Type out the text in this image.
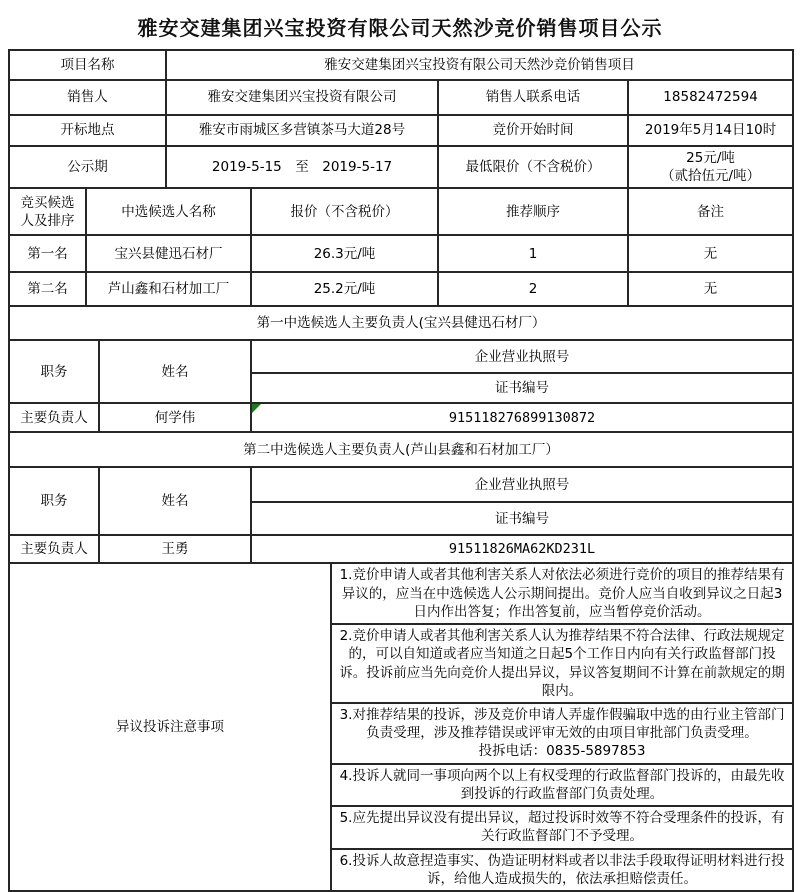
雅安交建集团兴宝投资有限公司天然沙竞价销售项目公示
项目名称			雅安交建集团兴宝投资有限公司天然沙竞价销售项目				
销售人			雅安交建集团兴宝投资有限公司			销售人联系电话	18582472594
开标地点			雅安市雨城区多营镇茶马大道28号			竞价开始时间	2019年5月14日10时
公示期			2019-5-15　至　2019-5-17			最低限价（不含税价）	25元/吨
（贰拾伍元/吨）

竞买候选人及排序	中选候选人名称			报价（不含税价）		推荐顺序	备注
第一名	宝兴县健迅石材厂			26.3元/吨		1	无
第二名	芦山鑫和石材加工厂			25.2元/吨		2	无
第一中选候选人主要负责人(宝兴县健迅石材厂）							
职务		姓名		企业营业执照号			
				证书编号			
主要负责人		何学伟		915118276899130872			
第二中选候选人主要负责人(芦山县鑫和石材加工厂）							
职务		姓名		企业营业执照号			
				证书编号			
主要负责人		王勇		91511826MA62KD231L			
异议投诉注意事项					1.竞价申请人或者其他利害关系人对依法必须进行竞价的项目的推荐结果有异议的，应当在中选候选人公示期间提出。竞价人应当自收到异议之日起3日内作出答复；作出答复前，应当暂停竞价活动。		
					2.竞价申请人或者其他利害关系人认为推荐结果不符合法律、行政法规规定的，可以自知道或者应当知道之日起5个工作日内向有关行政监督部门投诉。投诉前应当先向竞价人提出异议，异议答复期间不计算在前款规定的期限内。		

					3.对推荐结果的投诉，涉及竞价申请人弄虚作假骗取中选的由行业主管部门负责受理，涉及推荐错误或评审无效的由项目审批部门负责受理。
投拆电话：0835-5897853		

					4.投诉人就同一事项向两个以上有权受理的行政监督部门投诉的，由最先收到投诉的行政监督部门负责处理。		
					5.应先提出异议没有提出异议，超过投诉时效等不符合受理条件的投诉，有关行政监督部门不予受理。		
					6.投诉人故意捏造事实、伪造证明材料或者以非法手段取得证明材料进行投诉，给他人造成损失的，依法承担赔偿责任。		
